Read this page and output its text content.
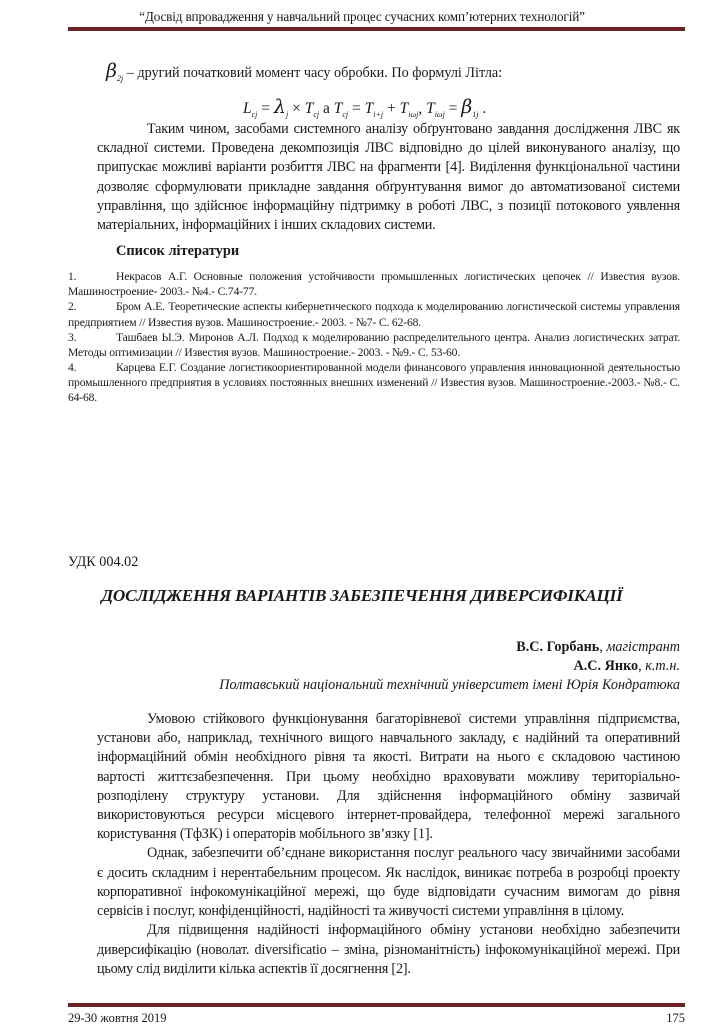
“Досвід впровадження у навчальний процес сучасних комп’ютерних технологій”
$\beta_{2j}$ – другий початковий момент часу обробки. По формулі Літла:
$L_{cj} = \lambda_j \times T_{cj}$ a $T_{cj} = T_{i+j} + T_{i\omega j}$, $T_{i\omega j} = \beta_{1j}$ .

Таким чином, засобами системного аналізу обґрунтовано завдання дослідження ЛВС як складної системи. Проведена декомпозиція ЛВС відповідно до цілей виконуваного аналізу, що припускає можливі варіанти розбиття ЛВС на фрагменти [4]. Виділення функціональної частини дозволяє сформулювати прикладне завдання обґрунтування вимог до автоматизованої системи управління, що здійснює інформаційну підтримку в роботі ЛВС, з позиції потокового уявлення матеріальних, інформаційних і інших складових системи.

Список літератури

1.	Некрасов А.Г. Основные положения устойчивости промышленных логистических цепочек // Известия вузов. Машиностроение- 2003.- №4.- С.74-77.

2.	Бром А.Е. Теоретические аспекты кибернетического подхода к моделированию логистической системы управления предприятием // Известия вузов. Машиностроение.- 2003. - №7- С. 62-68.

3.	Ташбаев Ы.Э. Миронов А.Л. Подход к моделированию распределительного центра. Анализ логистических затрат. Методы оптимизации // Известия вузов. Машиностроение.- 2003. - №9.- С. 53-60.

4.	Карцева Е.Г. Создание логистикоориентированной модели финансового управления инновационной деятельностью промышленного предприятия в условиях постоянных внешних изменений // Известия вузов. Машиностроение.-2003.- №8.- С. 64-68.

УДК 004.02
ДОСЛІДЖЕННЯ ВАРІАНТІВ ЗАБЕЗПЕЧЕННЯ ДИВЕРСИФІКАЦІЇ
В.С. Горбань, магістрант
А.С. Янко, к.т.н.
Полтавський національний технічний університет імені Юрія Кондратюка

Умовою стійкового функціонування багаторівневої системи управління підприємства, установи або, наприклад, технічного вищого навчального закладу, є надійний та оперативний інформаційний обмін необхідного рівня та якості. Витрати на нього є складовою частиною вартості життєзабезпечення. При цьому необхідно враховувати можливу територіально-розподілену структуру установи. Для здійснення інформаційного обміну зазвичай використовуються ресурси місцевого інтернет-провайдера, телефонної мережі загального користування (ТфЗК) і операторів мобільного зв’язку [1].

Однак, забезпечити об’єднане використання послуг реального часу звичайними засобами є досить складним і нерентабельним процесом. Як наслідок, виникає потреба в розробці проекту корпоративної інфокомунікаційної мережі, що буде відповідати сучасним вимогам до рівня сервісів і послуг, конфіденційності, надійності та живучості системи управління в цілому.

Для підвищення надійності інформаційного обміну установи необхідно забезпечити диверсифікацію (новолат. diversificatio – зміна, різноманітність) інфокомунікаційної мережі. При цьому слід виділити кілька аспектів її досягнення [2].

29-30 жовтня 2019	175
